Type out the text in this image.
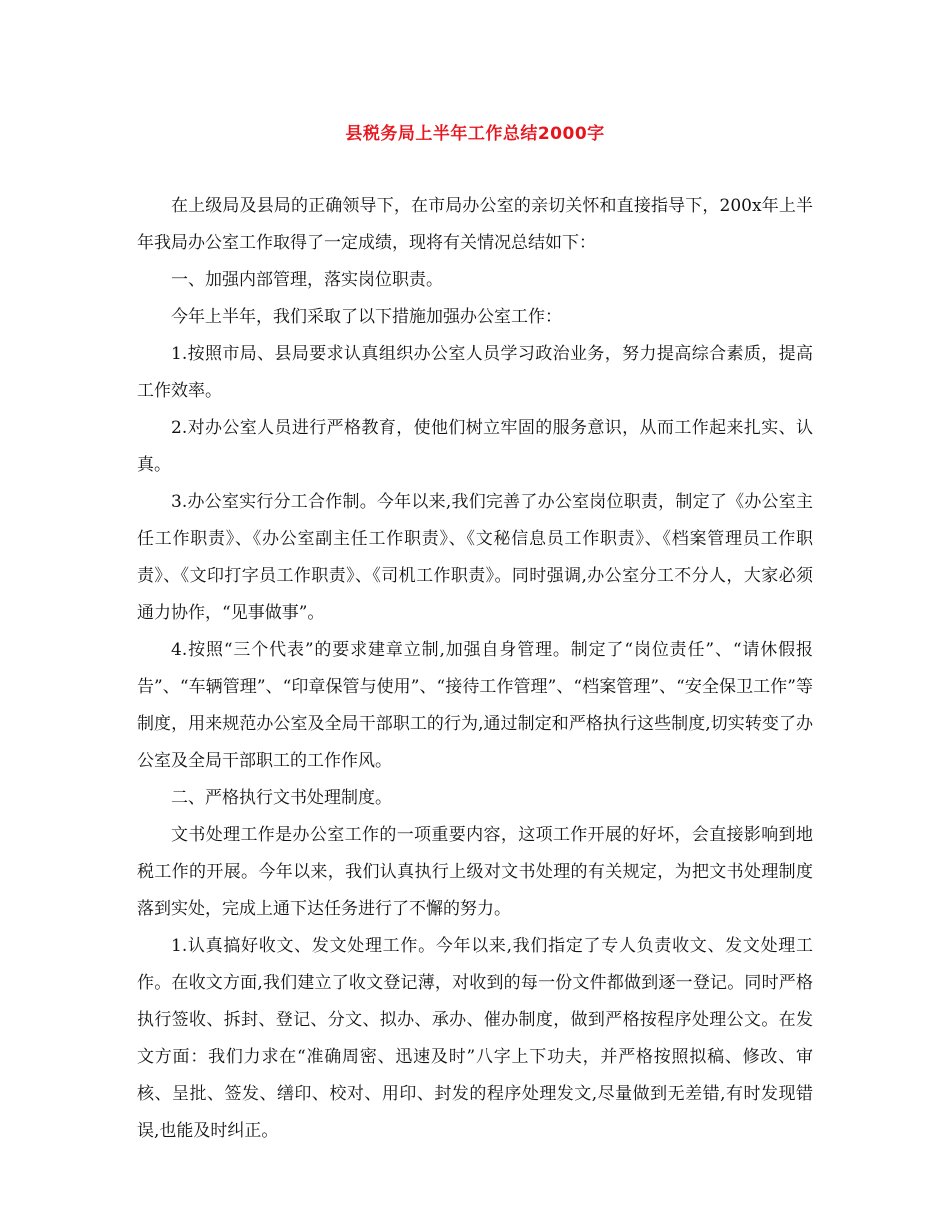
县税务局上半年工作总结2000字

在上级局及县局的正确领导下，在市局办公室的亲切关怀和直接指导下，200x年上半年我局办公室工作取得了一定成绩，现将有关情况总结如下：

一、加强内部管理，落实岗位职责。

今年上半年，我们采取了以下措施加强办公室工作：

1.按照市局、县局要求认真组织办公室人员学习政治业务，努力提高综合素质，提高工作效率。

2.对办公室人员进行严格教育，使他们树立牢固的服务意识，从而工作起来扎实、认真。

3.办公室实行分工合作制。今年以来,我们完善了办公室岗位职责，制定了《办公室主任工作职责》、《办公室副主任工作职责》、《文秘信息员工作职责》、《档案管理员工作职责》、《文印打字员工作职责》、《司机工作职责》。同时强调,办公室分工不分人，大家必须通力协作，“见事做事”。

4.按照“三个代表”的要求建章立制,加强自身管理。制定了“岗位责任”、“请休假报告”、“车辆管理”、“印章保管与使用”、“接待工作管理”、“档案管理”、“安全保卫工作”等制度，用来规范办公室及全局干部职工的行为,通过制定和严格执行这些制度,切实转变了办公室及全局干部职工的工作作风。

二、严格执行文书处理制度。

文书处理工作是办公室工作的一项重要内容，这项工作开展的好坏，会直接影响到地税工作的开展。今年以来，我们认真执行上级对文书处理的有关规定，为把文书处理制度落到实处，完成上通下达任务进行了不懈的努力。

1.认真搞好收文、发文处理工作。今年以来,我们指定了专人负责收文、发文处理工作。在收文方面,我们建立了收文登记薄，对收到的每一份文件都做到逐一登记。同时严格执行签收、拆封、登记、分文、拟办、承办、催办制度，做到严格按程序处理公文。在发文方面：我们力求在“准确周密、迅速及时”八字上下功夫，并严格按照拟稿、修改、审核、呈批、签发、缮印、校对、用印、封发的程序处理发文,尽量做到无差错,有时发现错误,也能及时纠正。
